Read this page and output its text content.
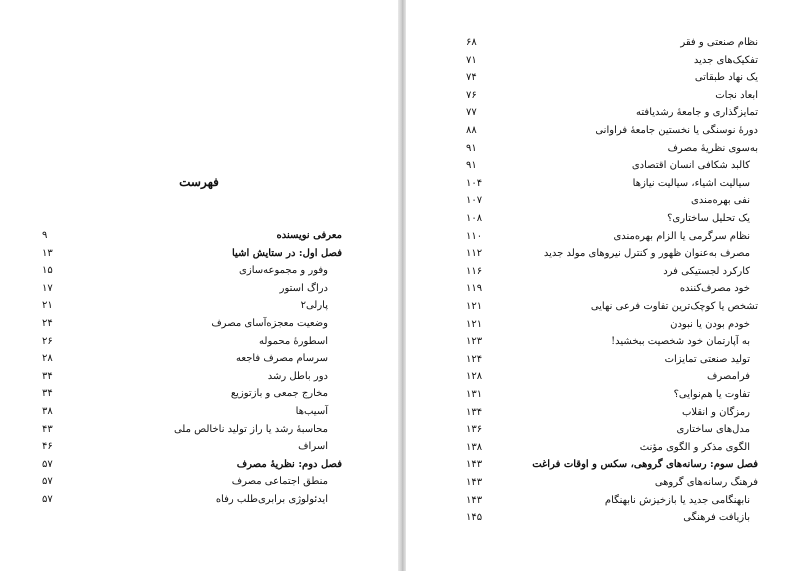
فهرست
معرفی نویسنده
۹
فصل اول: در ستایش اشیا
۱۳
وفور و مجموعه‌سازی
۱۵
دراگ استور
۱۷
پارلی۲
۲۱
وضعیت معجزه‌آسای مصرف
۲۴
اسطورهٔ محموله
۲۶
سرسام مصرف فاجعه
۲۸
دور باطل رشد
۳۴
مخارج جمعی و بازتوزیع
۳۴
آسیب‌ها
۳۸
محاسبهٔ رشد یا راز تولید ناخالص ملی
۴۳
اسراف
۴۶
فصل دوم: نظریهٔ مصرف
۵۷
منطق اجتماعی مصرف
۵۷
ایدئولوژی برابری‌طلب رفاه
۵۷
نظام صنعتی و فقر
۶۸
تفکیک‌های جدید
۷۱
یک نهاد طبقاتی
۷۴
ابعاد نجات
۷۶
تمایزگذاری و جامعهٔ رشدیافته
۷۷
دورهٔ نوسنگی یا نخستین جامعهٔ فراوانی
۸۸
به‌سوی نظریهٔ مصرف
۹۱
کالبد شکافی انسان اقتصادی
۹۱
سیالیت اشیاء، سیالیت نیازها
۱۰۴
نفی بهره‌مندی
۱۰۷
یک تحلیل ساختاری؟
۱۰۸
نظام سرگرمی یا الزام بهره‌مندی
۱۱۰
مصرف به‌عنوان ظهور و کنترل نیروهای مولد جدید
۱۱۲
کارکرد لجستیکی فرد
۱۱۶
خود مصرف‌کننده
۱۱۹
تشخص یا کوچک‌ترین تفاوت فرعی نهایی
۱۲۱
خودم بودن یا نبودن
۱۲۱
به آپارتمان خود شخصیت ببخشید!
۱۲۳
تولید صنعتی تمایزات
۱۲۴
فرامصرف
۱۲۸
تفاوت یا هم‌نوایی؟
۱۳۱
رمزگان و انقلاب
۱۳۴
مدل‌های ساختاری
۱۳۶
الگوی مذکر و الگوی مؤنث
۱۳۸
فصل سوم: رسانه‌های گروهی، سکس و اوقات فراغت
۱۴۳
فرهنگ رسانه‌های گروهی
۱۴۳
نابهنگامی جدید یا بازخیزش نابهنگام
۱۴۳
بازیافت فرهنگی
۱۴۵
